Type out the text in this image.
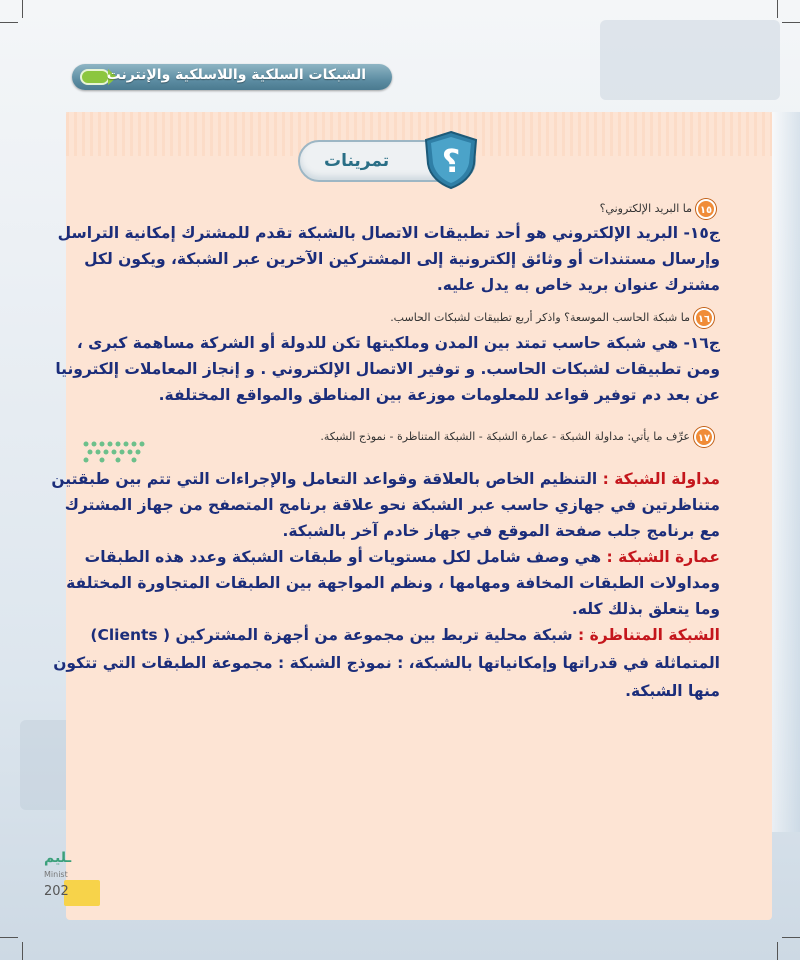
الشبكات السلكية واللاسلكية والإنترنت
تمرينات ؟
١٥
ما البريد الإلكتروني؟
ج١٥- البريد الإلكتروني هو أحد تطبيقات الاتصال بالشبكة تقدم للمشترك إمكانية التراسل
وإرسال مستندات أو وثائق إلكترونية إلى المشتركين الآخرين عبر الشبكة، ويكون لكل
مشترك عنوان بريد خاص به يدل عليه.
١٦
ما شبكة الحاسب الموسعة؟ واذكر أربع تطبيقات لشبكات الحاسب.
ج١٦- هي شبكة حاسب تمتد بين المدن وملكيتها تكن للدولة أو الشركة مساهمة كبرى ،
ومن تطبيقات لشبكات الحاسب. و توفير الاتصال الإلكتروني . و إنجاز المعاملات إلكترونيا
عن بعد دم توفير قواعد للمعلومات موزعة بين المناطق والمواقع المختلفة.
١٧
عرِّف ما يأتي: مداولة الشبكة - عمارة الشبكة - الشبكة المتناظرة - نموذج الشبكة.
مداولة الشبكة : التنظيم الخاص بالعلاقة وقواعد التعامل والإجراءات التي تتم بين طبقتين
متناظرتين في جهازي حاسب عبر الشبكة نحو علاقة برنامج المتصفح من جهاز المشترك
مع برنامج جلب صفحة الموقع في جهاز خادم آخر بالشبكة.
عمارة الشبكة : هي وصف شامل لكل مستويات أو طبقات الشبكة وعدد هذه الطبقات
ومداولات الطبقات المخافة ومهامها ، ونظم المواجهة بين الطبقات المتجاورة المختلفة
وما يتعلق بذلك كله.
الشبكة المتناظرة : شبكة محلية تربط بين مجموعة من أجهزة المشتركين ( Clients)
المتماثلة في قدراتها وإمكانياتها بالشبكة، : نموذج الشبكة : مجموعة الطبقات التي تتكون
منها الشبكة.
ـليم
Minist
202
